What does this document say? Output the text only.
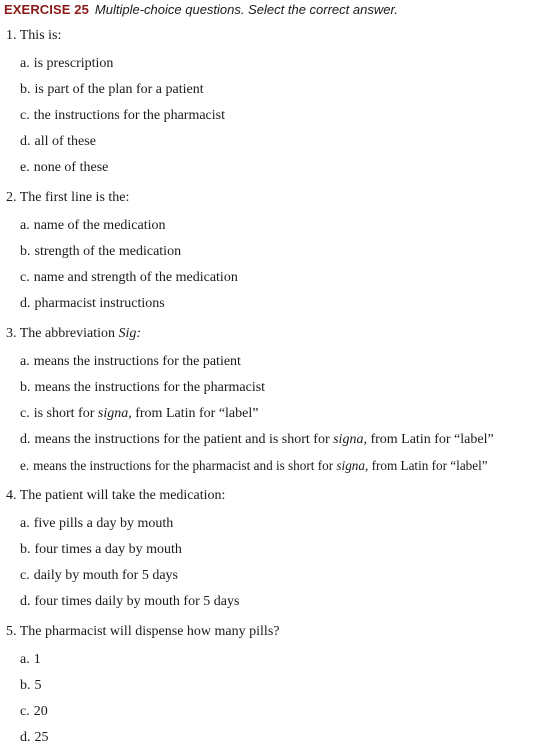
EXERCISE 25 Multiple-choice questions. Select the correct answer.
1. This is:
a. is prescription
b. is part of the plan for a patient
c. the instructions for the pharmacist
d. all of these
e. none of these
2. The first line is the:
a. name of the medication
b. strength of the medication
c. name and strength of the medication
d. pharmacist instructions
3. The abbreviation Sig:
a. means the instructions for the patient
b. means the instructions for the pharmacist
c. is short for signa, from Latin for “label”
d. means the instructions for the patient and is short for signa, from Latin for “label”
e. means the instructions for the pharmacist and is short for signa, from Latin for “label”
4. The patient will take the medication:
a. five pills a day by mouth
b. four times a day by mouth
c. daily by mouth for 5 days
d. four times daily by mouth for 5 days
5. The pharmacist will dispense how many pills?
a. 1
b. 5
c. 20
d. 25
